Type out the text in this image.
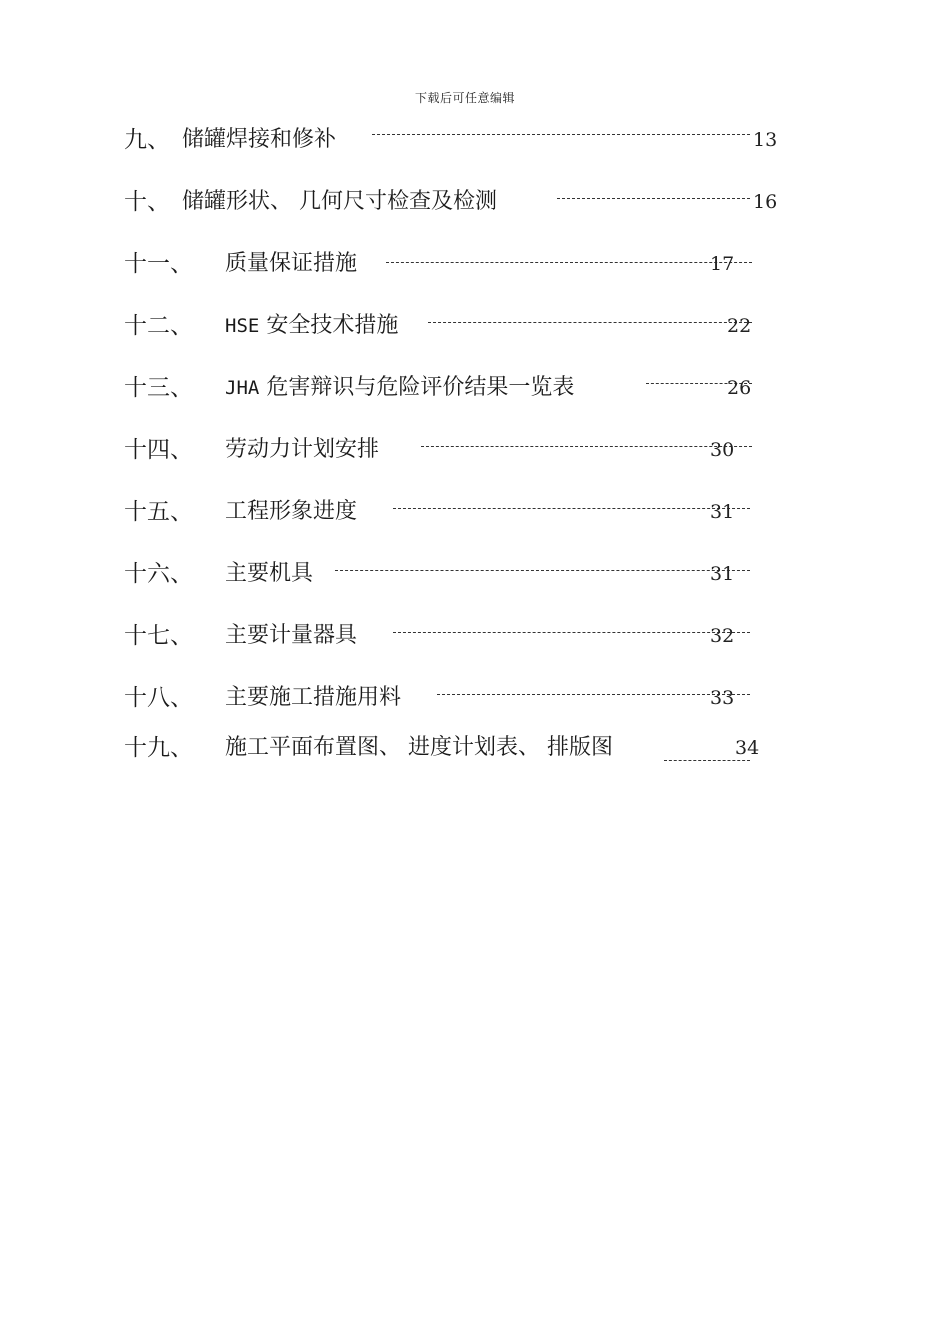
下载后可任意编辑
九、 储罐焊接和修补	13
十、 储罐形状、 几何尺寸检查及检测	16
十一、 质量保证措施	17
十二、 HSE 安全技术措施	22
十三、 JHA 危害辩识与危险评价结果一览表	26
十四、 劳动力计划安排	30
十五、 工程形象进度	31
十六、 主要机具	31
十七、 主要计量器具	32
十八、 主要施工措施用料	33
十九、 施工平面布置图、 进度计划表、 排版图	34
